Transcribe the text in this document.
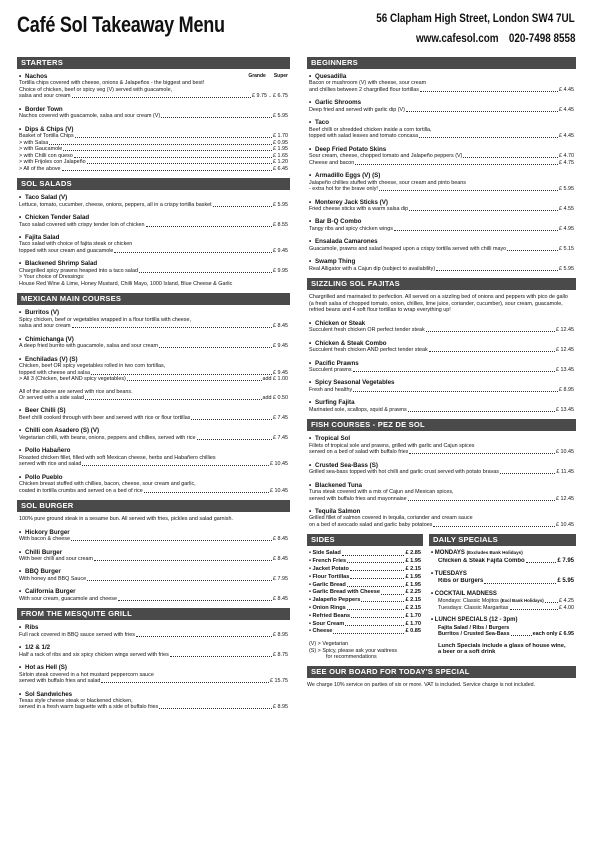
Café Sol Takeaway Menu	56 Clapham High Street, London SW4 7UL
www.cafesol.com 020-7498 8558
STARTERS
• Nachos	Grande Super
Tortilla chips covered with cheese, onions & Jalapeños - the biggest and best!
Choice of chicken, beef or spicy veg (V) served with guacamole,
salsa and sour cream	£ 9.75 .. £ 6.75
• Border Town
Nachos covered with guacamole, salsa and sour cream (V)	£ 5.95
• Dips & Chips (V)
Basket of Tortilla Chips	£ 1.70
> with Salsa	£ 0.95
> with Gaucamole	£ 1.95
> with Chilli con queso	£ 1.65
> with Frijoles con Jalapeño	£ 1.20
> All of the above	£ 6.45
SOL SALADS
• Taco Salad (V)
Lettuce, tomato, cucumber, cheese, onions, peppers, all in a crispy tortilla basket	£ 5.95
• Chicken Tender Salad
Taco salad covered with crispy tender loin of chicken	£ 8.55
• Fajita Salad
Taco salad with choice of fajita steak or chicken
topped with sour cream and guacamole	£ 9.45
• Blackened Shrimp Salad
Chargrilled spicy prawns heaped into a taco salad	£ 9.95
> Your choice of Dressings:
House Red Wine & Lime, Honey Mustard, Chilli Mayo, 1000 Island, Blue Cheese & Garlic
MEXICAN MAIN COURSES
• Burritos (V)
Spicy chicken, beef or vegetables wrapped in a flour tortilla with cheese,
salsa and sour cream	£ 8.45
• Chimichanga (V)
A deep fried burrito with guacamole, salsa and sour cream	£ 9.45
• Enchiladas (V) (S)
Chicken, beef OR spicy vegetables rolled in two corn tortillas,
topped with cheese and salsa	£ 9.45
> All 3 (Chicken, beef AND spicy vegetables)	add £ 1.00
All of the above are served with rice and beans.
Or served with a side salad	add £ 0.50
• Beer Chilli (S)
Beef chilli cooked through with beer and served with rice or flour tortillas	£ 7.45
• Chilli con Asadero (S) (V)
Vegetarian chilli, with beans, onions, peppers and chillies, served with rice	£ 7.45
• Pollo Habañero
Roasted chicken fillet, filled with soft Mexican cheese, herbs and Habañero chillies
served with rice and salad	£ 10.45
• Pollo Pueblo
Chicken breast stuffed with chillies, bacon, cheese, sour cream and garlic,
coated in tortilla crumbs and served on a bed of rice	£ 10.45
SOL BURGER
100% pure ground steak in a sesame bun. All served with fries, pickles and salad garnish.
• Hickory Burger
With bacon & cheese	£ 8.45
• Chilli Burger
With beer chilli and sour cream	£ 8.45
• BBQ Burger
With honey and BBQ Sauce	£ 7.95
• California Burger
With sour cream, guacamole and cheese	£ 8.45
FROM THE MESQUITE GRILL
• Ribs
Full rack covered in BBQ sauce served with fries	£ 8.95
• 1/2 & 1/2
Half a rack of ribs and six spicy chicken wings served with fries	£ 8.75
• Hot as Hell (S)
Sirloin steak covered in a hot mustard peppercorn sauce
served with buffalo fries and salad	£ 15.75
• Sol Sandwiches
Texas style cheese steak or blackened chicken,
served in a fresh warm baguette with a side of buffalo fries	£ 8.95
BEGINNERS
• Quesadilla
Bacon or mushroom (V) with cheese, sour cream
and chillies between 2 chargrilled flour tortillas	£ 4.45
• Garlic Shrooms
Deep fried and served with garlic dip (V)	£ 4.45
• Taco
Beef chilli or shredded chicken inside a corn tortilla,
topped with salad leaves and tomato concasa	£ 4.45
• Deep Fried Potato Skins
Sour cream, cheese, chopped tomato and Jalapeño peppers (V)	£ 4.70
Cheese and bacon	£ 4.75
• Armadillo Eggs (V) (S)
Jalapeño chillies stuffed with cheese, sour cream and pinto beans
- extra hot for the brave only!	£ 5.95
• Monterey Jack Sticks (V)
Fried cheese sticks with a warm salsa dip	£ 4.55
• Bar B-Q Combo
Tangy ribs and spicy chicken wings	£ 4.95
• Ensalada Camarones
Guacamole, prawns and salad heaped upon a crispy tortilla served with chilli mayo	£ 5.15
• Swamp Thing
Real Alligator with a Cajun dip (subject to availability)	£ 5.95
SIZZLING SOL FAJITAS
Chargrilled and marinated to perfection. All served on a sizzling bed of onions and peppers with pico de gallo (a fresh salsa of chopped tomato, onion, chillies, lime juice, coriander, cucumber), sour cream, guacamole, refried beans and 4 soft flour tortillas to wrap everything up!
• Chicken or Steak
Succulent fresh chicken OR perfect tender steak	£ 12.45
• Chicken & Steak Combo
Succulent fresh chicken AND perfect tender steak	£ 12.45
• Pacific Prawns
Succulent prawns	£ 13.45
• Spicy Seasonal Vegetables
Fresh and healthy	£ 8.95
• Surfing Fajita
Marinated sole, scallops, squid & prawns	£ 13.45
FISH COURSES - PEZ DE SOL
• Tropical Sol
Fillets of tropical sole and prawns, grilled with garlic and Cajun spices
served on a bed of salad with buffalo fries	£ 10.45
• Crusted Sea-Bass (S)
Grilled sea-bass topped with hot chilli and garlic crust served with potato bravas	£ 11.45
• Blackened Tuna
Tuna steak covered with a mix of Cajun and Mexican spices,
served with buffalo fries and mayonnaise	£ 12.45
• Tequila Salmon
Grilled fillet of salmon covered in tequila, coriander and cream sauce
on a bed of avocado salad and garlic baby potatoes	£ 10.45
SIDES
• Side Salad	£ 2.85
• French Fries	£ 1.95
• Jacket Potato	£ 2.15
• Flour Tortillas	£ 1.95
• Garlic Bread	£ 1.95
• Garlic Bread with Cheese	£ 2.25
• Jalapeño Peppers	£ 2.15
• Onion Rings	£ 2.15
• Refried Beans	£ 1.70
• Sour Cream	£ 1.70
• Cheese	£ 0.85
(V) > Vegetarian
(S) > Spicy, please ask your waitress
for recommendations
DAILY SPECIALS
• MONDAYS (Excludes Bank Holidays)
Chicken & Steak Fajita Combo	£ 7.95
• TUESDAYS
Ribs or Burgers	£ 5.95
• COCKTAIL MADNESS
Mondays: Classic Mojitos
(Excl Bank Holidays)	£ 4.25
Tuesdays: Classic Margaritas	£ 4.00
• LUNCH SPECIALS (12 - 3pm)
Fajita Salad / Ribs / Burgers
Burritos / Crusted Sea-Bass	each only £ 6.95
Lunch Specials include a glass of house wine,
a beer or a soft drink
SEE OUR BOARD FOR TODAY'S SPECIAL
We charge 10% service on parties of six or more. VAT is included. Service charge is not included.
